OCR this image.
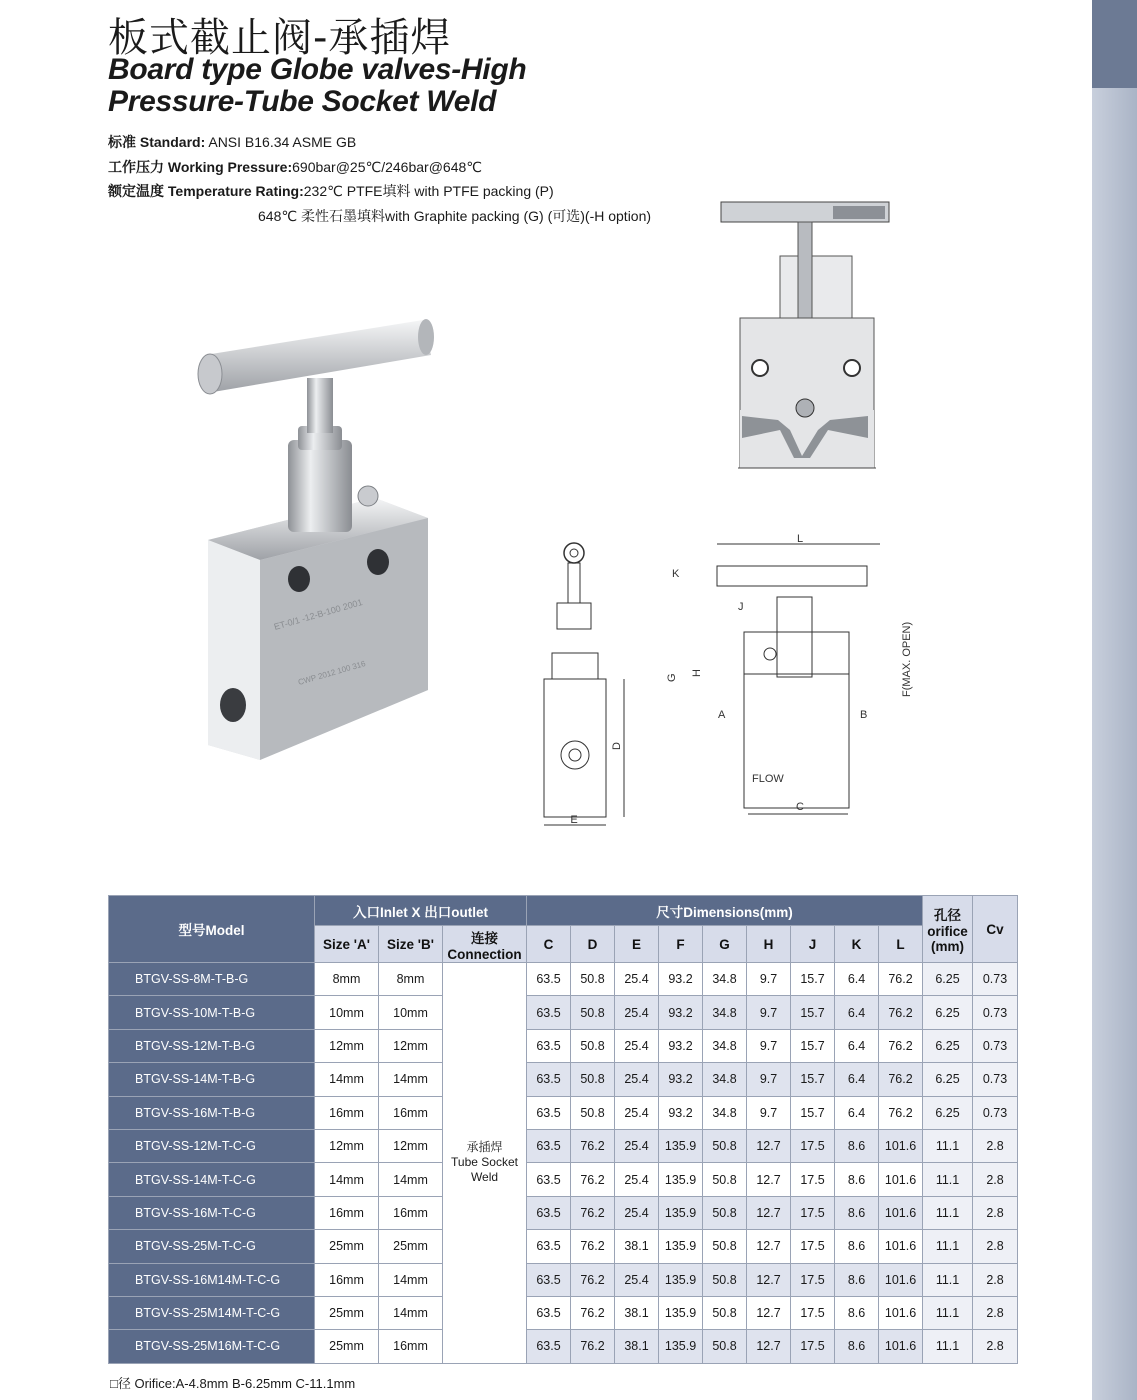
板式截止阀-承插焊
Board type Globe valves-High
Pressure-Tube Socket Weld
标准 Standard: ANSI B16.34 ASME GB
工作压力 Working Pressure:690bar@25℃/246bar@648℃
额定温度 Temperature Rating:232℃ PTFE填料 with PTFE packing (P)
648℃ 柔性石墨填料with Graphite packing (G) (可选)(-H option)
ET-0/1 -12-B-100 2001
CWP 2012 100 316
D
E
L
K
J
G
H
A	B
F(MAX. OPEN)
FLOW
C
型号Model	入口Inlet X 出口outlet			尺寸Dimensions(mm)									孔径
orifice
(mm)	Cv
	Size 'A'	Size 'B'	连接
Connection	C	D	E	F	G	H	J	K	L		
BTGV-SS-8M-T-B-G	8mm	8mm	承插焊
Tube Socket
Weld	63.5	50.8	25.4	93.2	34.8	9.7	15.7	6.4	76.2	6.25	0.73
BTGV-SS-10M-T-B-G	10mm	10mm		63.5	50.8	25.4	93.2	34.8	9.7	15.7	6.4	76.2	6.25	0.73
BTGV-SS-12M-T-B-G	12mm	12mm		63.5	50.8	25.4	93.2	34.8	9.7	15.7	6.4	76.2	6.25	0.73
BTGV-SS-14M-T-B-G	14mm	14mm		63.5	50.8	25.4	93.2	34.8	9.7	15.7	6.4	76.2	6.25	0.73
BTGV-SS-16M-T-B-G	16mm	16mm		63.5	50.8	25.4	93.2	34.8	9.7	15.7	6.4	76.2	6.25	0.73
BTGV-SS-12M-T-C-G	12mm	12mm		63.5	76.2	25.4	135.9	50.8	12.7	17.5	8.6	101.6	11.1	2.8
BTGV-SS-14M-T-C-G	14mm	14mm		63.5	76.2	25.4	135.9	50.8	12.7	17.5	8.6	101.6	11.1	2.8
BTGV-SS-16M-T-C-G	16mm	16mm		63.5	76.2	25.4	135.9	50.8	12.7	17.5	8.6	101.6	11.1	2.8
BTGV-SS-25M-T-C-G	25mm	25mm		63.5	76.2	38.1	135.9	50.8	12.7	17.5	8.6	101.6	11.1	2.8
BTGV-SS-16M14M-T-C-G	16mm	14mm		63.5	76.2	25.4	135.9	50.8	12.7	17.5	8.6	101.6	11.1	2.8
BTGV-SS-25M14M-T-C-G	25mm	14mm		63.5	76.2	38.1	135.9	50.8	12.7	17.5	8.6	101.6	11.1	2.8
BTGV-SS-25M16M-T-C-G	25mm	16mm		63.5	76.2	38.1	135.9	50.8	12.7	17.5	8.6	101.6	11.1	2.8
□径 Orifice:A-4.8mm B-6.25mm C-11.1mm
